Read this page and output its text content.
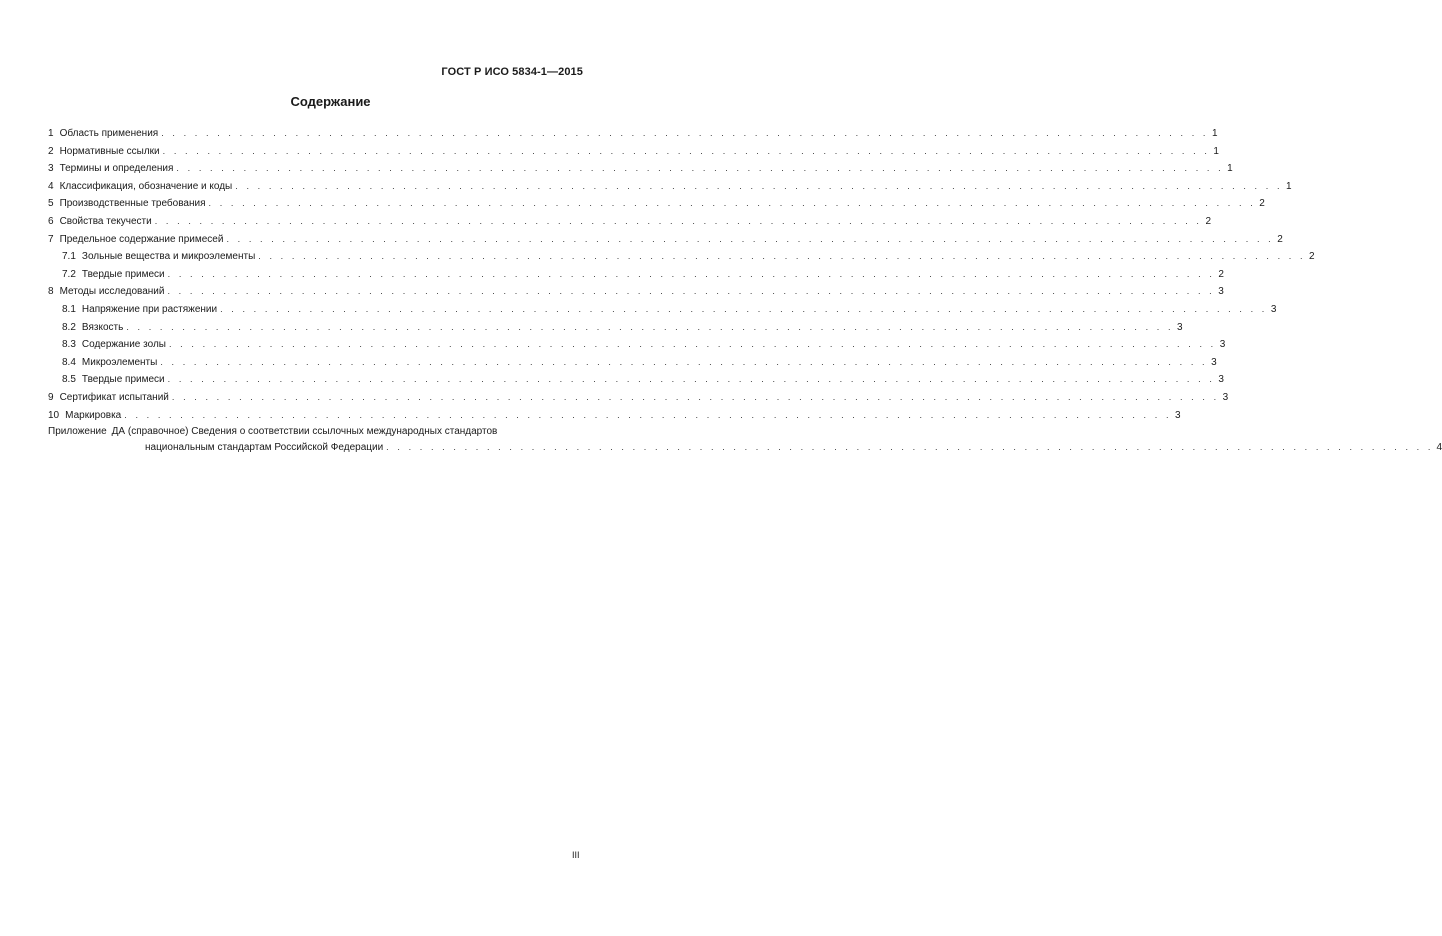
ГОСТ Р ИСО 5834-1—2015
Содержание
1 Область применения . . . . . . . . . . . . . . . . . . . . . . . . . . . . . . . . . . . . . . . . . . . . . . . . . . . . . . . . . . . . . . . . . . . . . . . . . . . . . . . . . . . . . . . . . . . . . . 1
2 Нормативные ссылки . . . . . . . . . . . . . . . . . . . . . . . . . . . . . . . . . . . . . . . . . . . . . . . . . . . . . . . . . . . . . . . . . . . . . . . . . . . . . . . . . . . . . . . . . . . . . . 1
3 Термины и определения . . . . . . . . . . . . . . . . . . . . . . . . . . . . . . . . . . . . . . . . . . . . . . . . . . . . . . . . . . . . . . . . . . . . . . . . . . . . . . . . . . . . . . . . . . . . . . 1
4 Классификация, обозначение и коды . . . . . . . . . . . . . . . . . . . . . . . . . . . . . . . . . . . . . . . . . . . . . . . . . . . . . . . . . . . . . . . . . . . . . . . . . . . . . . . . . . . . . . . . . . . . . . 1
5 Производственные требования . . . . . . . . . . . . . . . . . . . . . . . . . . . . . . . . . . . . . . . . . . . . . . . . . . . . . . . . . . . . . . . . . . . . . . . . . . . . . . . . . . . . . . . . . . . . . . 2
6 Свойства текучести . . . . . . . . . . . . . . . . . . . . . . . . . . . . . . . . . . . . . . . . . . . . . . . . . . . . . . . . . . . . . . . . . . . . . . . . . . . . . . . . . . . . . . . . . . . . . . 2
7 Предельное содержание примесей . . . . . . . . . . . . . . . . . . . . . . . . . . . . . . . . . . . . . . . . . . . . . . . . . . . . . . . . . . . . . . . . . . . . . . . . . . . . . . . . . . . . . . . . . . . . . . 2
7.1 Зольные вещества и микроэлементы . . . . . . . . . . . . . . . . . . . . . . . . . . . . . . . . . . . . . . . . . . . . . . . . . . . . . . . . . . . . . . . . . . . . . . . . . . . . . . . . . . . . . . . . . . . . . . 2
7.2 Твердые примеси . . . . . . . . . . . . . . . . . . . . . . . . . . . . . . . . . . . . . . . . . . . . . . . . . . . . . . . . . . . . . . . . . . . . . . . . . . . . . . . . . . . . . . . . . . . . . . 2
8 Методы исследований . . . . . . . . . . . . . . . . . . . . . . . . . . . . . . . . . . . . . . . . . . . . . . . . . . . . . . . . . . . . . . . . . . . . . . . . . . . . . . . . . . . . . . . . . . . . . . 3
8.1 Напряжение при растяжении . . . . . . . . . . . . . . . . . . . . . . . . . . . . . . . . . . . . . . . . . . . . . . . . . . . . . . . . . . . . . . . . . . . . . . . . . . . . . . . . . . . . . . . . . . . . . . 3
8.2 Вязкость . . . . . . . . . . . . . . . . . . . . . . . . . . . . . . . . . . . . . . . . . . . . . . . . . . . . . . . . . . . . . . . . . . . . . . . . . . . . . . . . . . . . . . . . . . . . . . 3
8.3 Содержание золы . . . . . . . . . . . . . . . . . . . . . . . . . . . . . . . . . . . . . . . . . . . . . . . . . . . . . . . . . . . . . . . . . . . . . . . . . . . . . . . . . . . . . . . . . . . . . . 3
8.4 Микроэлементы . . . . . . . . . . . . . . . . . . . . . . . . . . . . . . . . . . . . . . . . . . . . . . . . . . . . . . . . . . . . . . . . . . . . . . . . . . . . . . . . . . . . . . . . . . . . . . 3
8.5 Твердые примеси . . . . . . . . . . . . . . . . . . . . . . . . . . . . . . . . . . . . . . . . . . . . . . . . . . . . . . . . . . . . . . . . . . . . . . . . . . . . . . . . . . . . . . . . . . . . . . 3
9 Сертификат испытаний . . . . . . . . . . . . . . . . . . . . . . . . . . . . . . . . . . . . . . . . . . . . . . . . . . . . . . . . . . . . . . . . . . . . . . . . . . . . . . . . . . . . . . . . . . . . . . 3
10 Маркировка . . . . . . . . . . . . . . . . . . . . . . . . . . . . . . . . . . . . . . . . . . . . . . . . . . . . . . . . . . . . . . . . . . . . . . . . . . . . . . . . . . . . . . . . . . . . . . 3
Приложение ДА (справочное) Сведения о соответствии ссылочных международных стандартов
национальным стандартам Российской Федерации . . . . . . . . . . . . . . . . . . . . . . . . . . . . . . . . . . . . . . . . . . . . . . . . . . . . . . . . . . . . . . . . . . . . . . . . . . . . . . . . . . . . . . . . . . . . . . 4
III
